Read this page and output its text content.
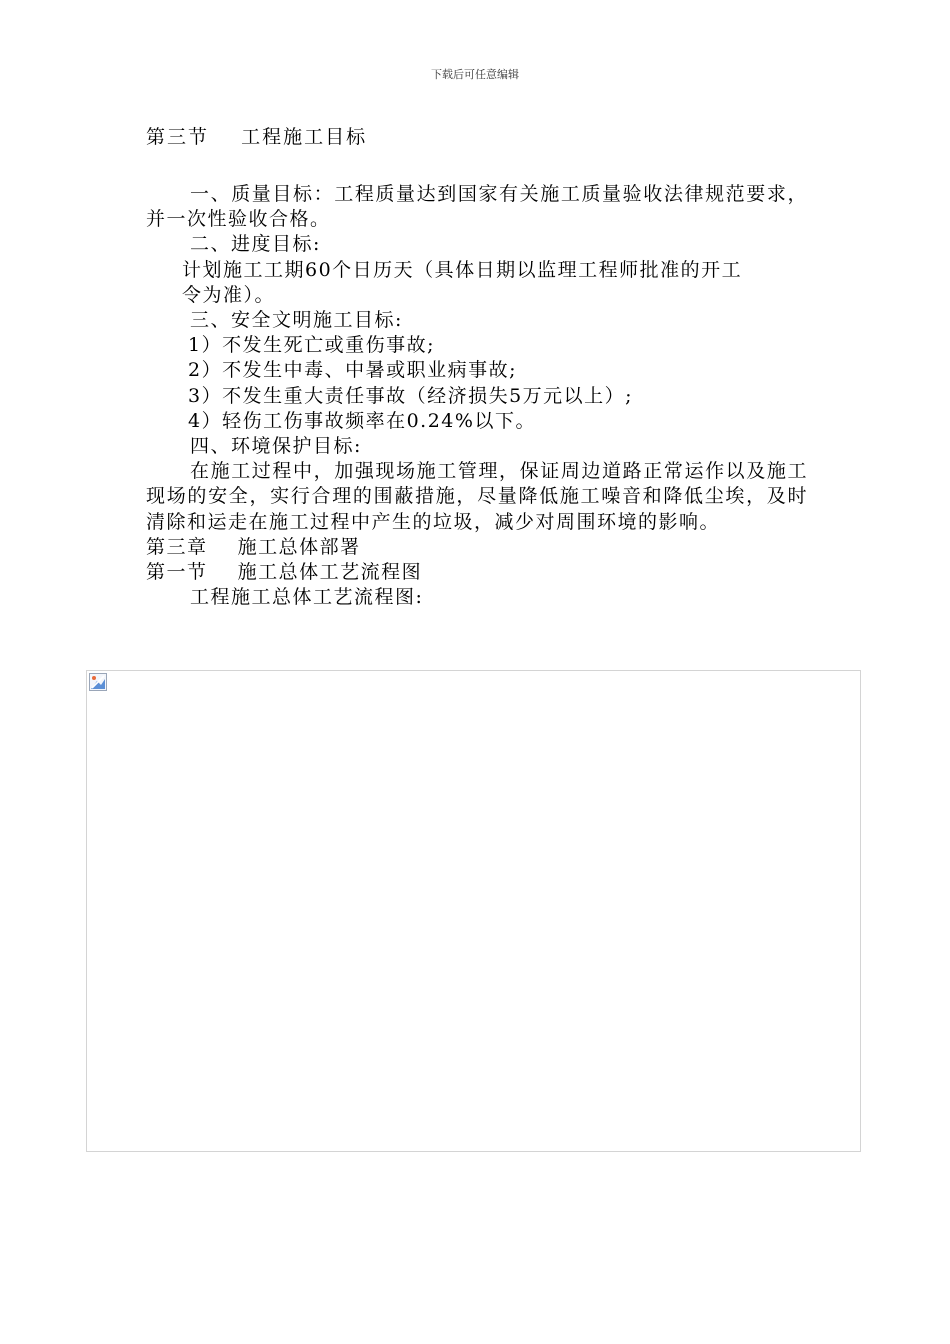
下载后可任意编辑
第三节    工程施工目标

一、质量目标：工程质量达到国家有关施工质量验收法律规范要求，并一次性验收合格。

二、进度目标:

计划施工工期60个日历天（具体日期以监理工程师批准的开工

令为准）。

三、安全文明施工目标:

1）不发生死亡或重伤事故;

2）不发生中毒、中暑或职业病事故;

3）不发生重大责任事故（经济损失5万元以上）;

4）轻伤工伤事故频率在0.24%以下。

四、环境保护目标:

在施工过程中，加强现场施工管理，保证周边道路正常运作以及施工现场的安全，实行合理的围蔽措施，尽量降低施工噪音和降低尘埃，及时清除和运走在施工过程中产生的垃圾，减少对周围环境的影响。

第三章    施工总体部署

第一节    施工总体工艺流程图

工程施工总体工艺流程图:
